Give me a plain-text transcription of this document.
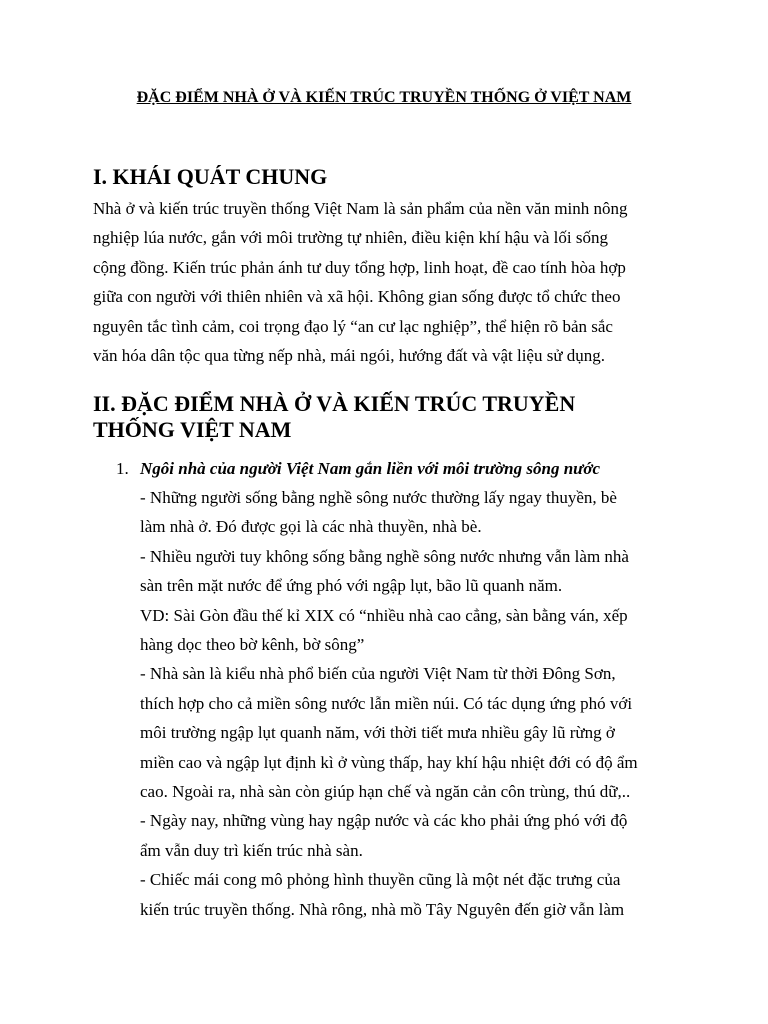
ĐẶC ĐIỂM NHÀ Ở VÀ KIẾN TRÚC TRUYỀN THỐNG Ở VIỆT NAM
I. KHÁI QUÁT CHUNG
Nhà ở và kiến trúc truyền thống Việt Nam là sản phẩm của nền văn minh nông
nghiệp lúa nước, gắn với môi trường tự nhiên, điều kiện khí hậu và lối sống
cộng đồng. Kiến trúc phản ánh tư duy tổng hợp, linh hoạt, đề cao tính hòa hợp
giữa con người với thiên nhiên và xã hội. Không gian sống được tổ chức theo
nguyên tắc tình cảm, coi trọng đạo lý “an cư lạc nghiệp”, thể hiện rõ bản sắc
văn hóa dân tộc qua từng nếp nhà, mái ngói, hướng đất và vật liệu sử dụng.
II. ĐẶC ĐIỂM NHÀ Ở VÀ KIẾN TRÚC TRUYỀN
THỐNG VIỆT NAM
1. Ngôi nhà của người Việt Nam gắn liền với môi trường sông nước
- Những người sống bằng nghề sông nước thường lấy ngay thuyền, bè
làm nhà ở. Đó được gọi là các nhà thuyền, nhà bè.
- Nhiều người tuy không sống bằng nghề sông nước nhưng vẫn làm nhà
sàn trên mặt nước để ứng phó với ngập lụt, bão lũ quanh năm.
VD: Sài Gòn đầu thế kỉ XIX có “nhiều nhà cao cẳng, sàn bằng ván, xếp
hàng dọc theo bờ kênh, bờ sông”
- Nhà sàn là kiểu nhà phổ biến của người Việt Nam từ thời Đông Sơn,
thích hợp cho cả miền sông nước lẫn miền núi. Có tác dụng ứng phó với
môi trường ngập lụt quanh năm, với thời tiết mưa nhiều gây lũ rừng ở
miền cao và ngập lụt định kì ở vùng thấp, hay khí hậu nhiệt đới có độ ẩm
cao. Ngoài ra, nhà sàn còn giúp hạn chế và ngăn cản côn trùng, thú dữ,..
- Ngày nay, những vùng hay ngập nước và các kho phải ứng phó với độ
ẩm vẫn duy trì kiến trúc nhà sàn.
- Chiếc mái cong mô phỏng hình thuyền cũng là một nét đặc trưng của
kiến trúc truyền thống. Nhà rông, nhà mồ Tây Nguyên đến giờ vẫn làm
